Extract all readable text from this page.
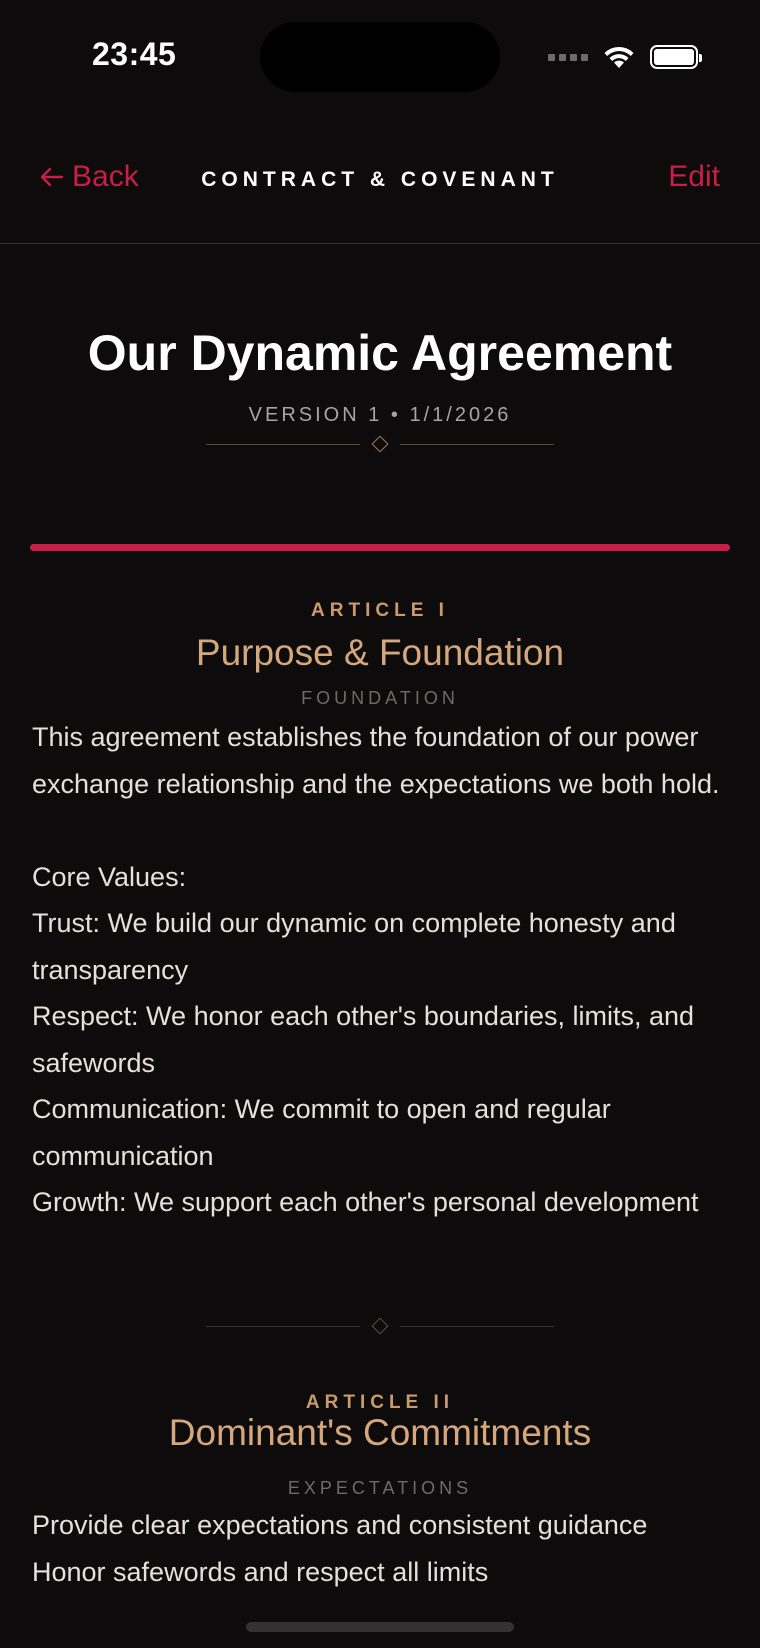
23:45
Back	CONTRACT & COVENANT	Edit
Our Dynamic Agreement
VERSION 1 • 1/1/2026
ARTICLE I
Purpose & Foundation
FOUNDATION
This agreement establishes the foundation of our power exchange relationship and the expectations we both hold.

Core Values:
Trust: We build our dynamic on complete honesty and transparency
Respect: We honor each other's boundaries, limits, and safewords
Communication: We commit to open and regular communication
Growth: We support each other's personal development
ARTICLE II
Dominant's Commitments
EXPECTATIONS
Provide clear expectations and consistent guidance
Honor safewords and respect all limits
